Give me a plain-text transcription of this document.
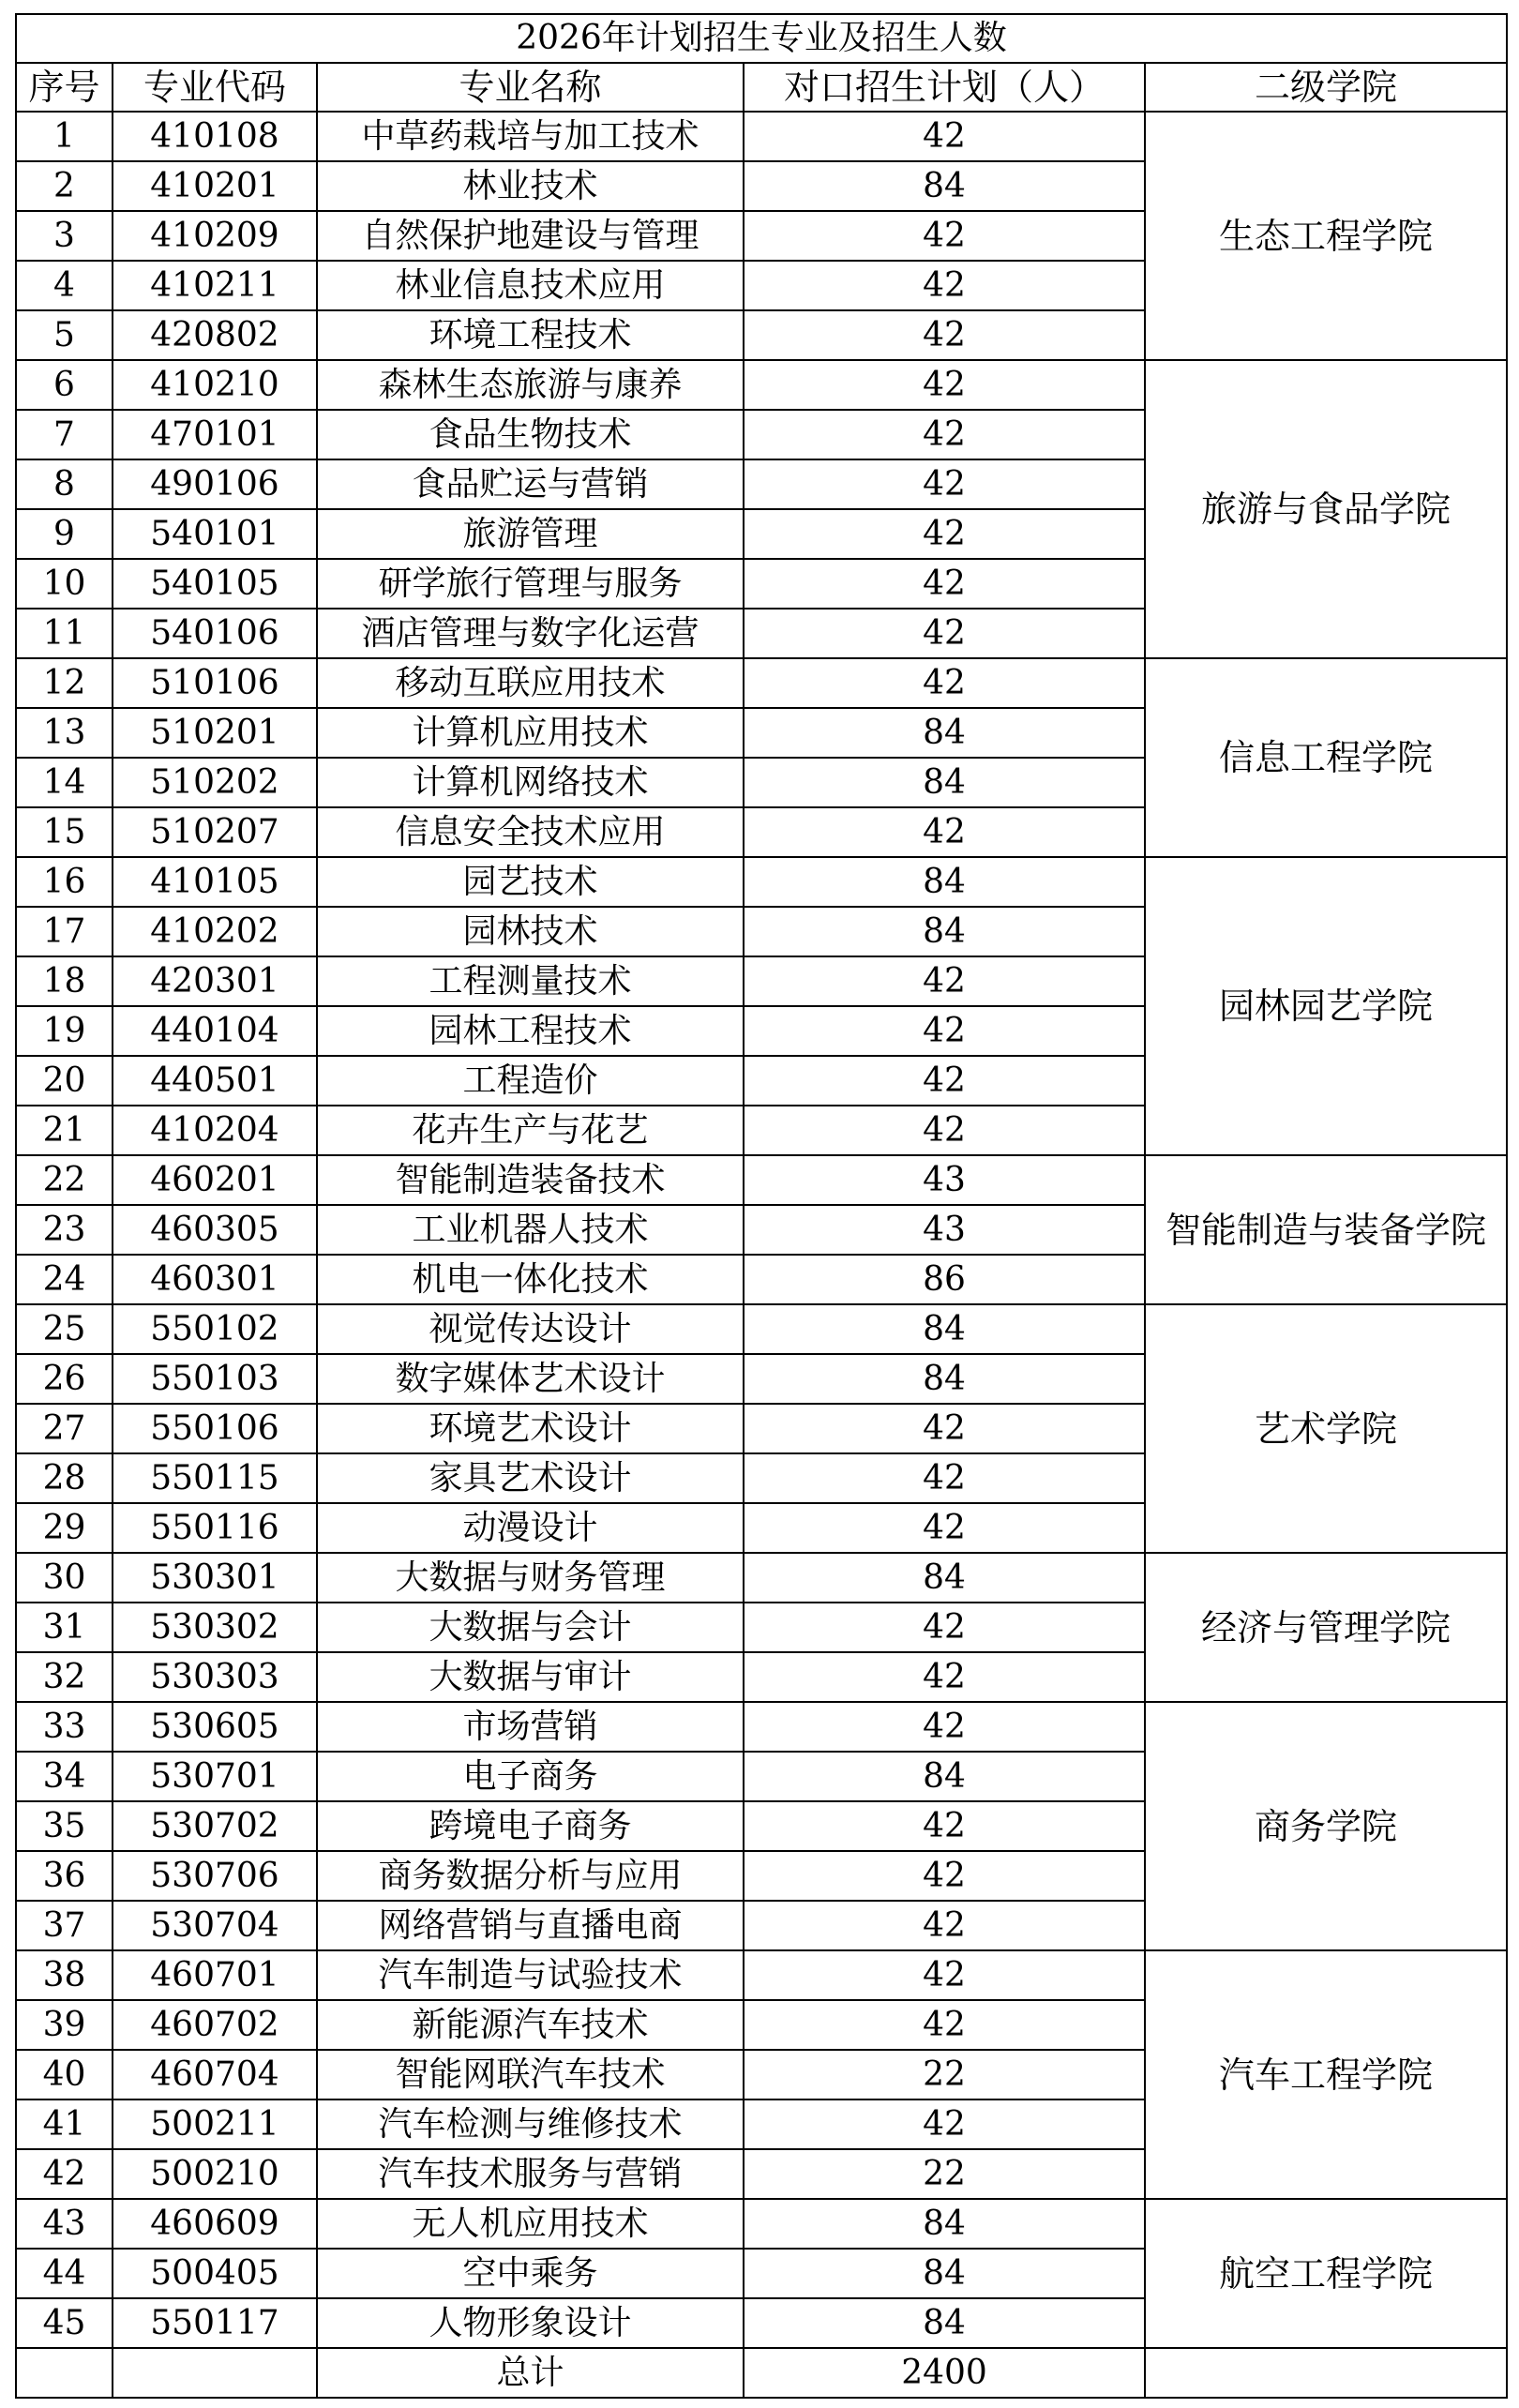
2026年计划招生专业及招生人数				
序号	专业代码	专业名称	对口招生计划（人）	二级学院
1	410108	中草药栽培与加工技术	42	生态工程学院
2	410201	林业技术	84	
3	410209	自然保护地建设与管理	42	
4	410211	林业信息技术应用	42	
5	420802	环境工程技术	42	
6	410210	森林生态旅游与康养	42	旅游与食品学院
7	470101	食品生物技术	42	
8	490106	食品贮运与营销	42	
9	540101	旅游管理	42	
10	540105	研学旅行管理与服务	42	
11	540106	酒店管理与数字化运营	42	
12	510106	移动互联应用技术	42	信息工程学院
13	510201	计算机应用技术	84	
14	510202	计算机网络技术	84	
15	510207	信息安全技术应用	42	
16	410105	园艺技术	84	园林园艺学院
17	410202	园林技术	84	
18	420301	工程测量技术	42	
19	440104	园林工程技术	42	
20	440501	工程造价	42	
21	410204	花卉生产与花艺	42	
22	460201	智能制造装备技术	43	智能制造与装备学院
23	460305	工业机器人技术	43	
24	460301	机电一体化技术	86	
25	550102	视觉传达设计	84	艺术学院
26	550103	数字媒体艺术设计	84	
27	550106	环境艺术设计	42	
28	550115	家具艺术设计	42	
29	550116	动漫设计	42	
30	530301	大数据与财务管理	84	经济与管理学院
31	530302	大数据与会计	42	
32	530303	大数据与审计	42	
33	530605	市场营销	42	商务学院
34	530701	电子商务	84	
35	530702	跨境电子商务	42	
36	530706	商务数据分析与应用	42	
37	530704	网络营销与直播电商	42	
38	460701	汽车制造与试验技术	42	汽车工程学院
39	460702	新能源汽车技术	42	
40	460704	智能网联汽车技术	22	
41	500211	汽车检测与维修技术	42	
42	500210	汽车技术服务与营销	22	
43	460609	无人机应用技术	84	航空工程学院
44	500405	空中乘务	84	
45	550117	人物形象设计	84	
		总计	2400	
